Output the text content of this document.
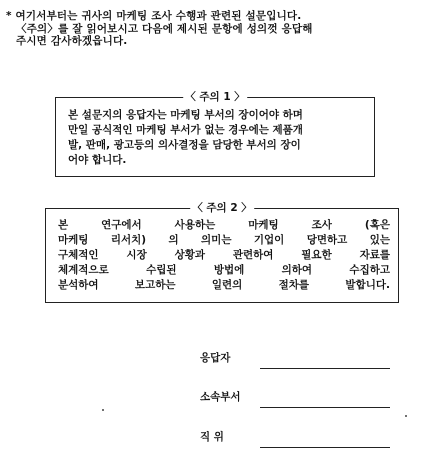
* 여기서부터는 귀사의 마케팅 조사 수행과 관련된 설문입니다.
〈주의〉를 잘 읽어보시고 다음에 제시된 문항에 성의껏 응답해
주시면 감사하겠읍니다.
〈 주의 1 〉
본 설문지의 응답자는 마케팅 부서의 장이어야 하며
만일 공식적인 마케팅 부서가 없는 경우에는 제품개
발, 판매, 광고등의 의사결정을 담당한 부서의 장이
어야 합니다.
〈 주의 2 〉
본 연구에서 사용하는 마케팅 조사 (혹은
마케팅 리서치) 의 의미는 기업이 당면하고 있는
구체적인 시장 상황과 관련하여 필요한 자료를
체계적으로 수립된 방법에 의하여 수집하고
분석하여 보고하는 일련의 절차를 발합니다.
응답자
소속부서
직 위
